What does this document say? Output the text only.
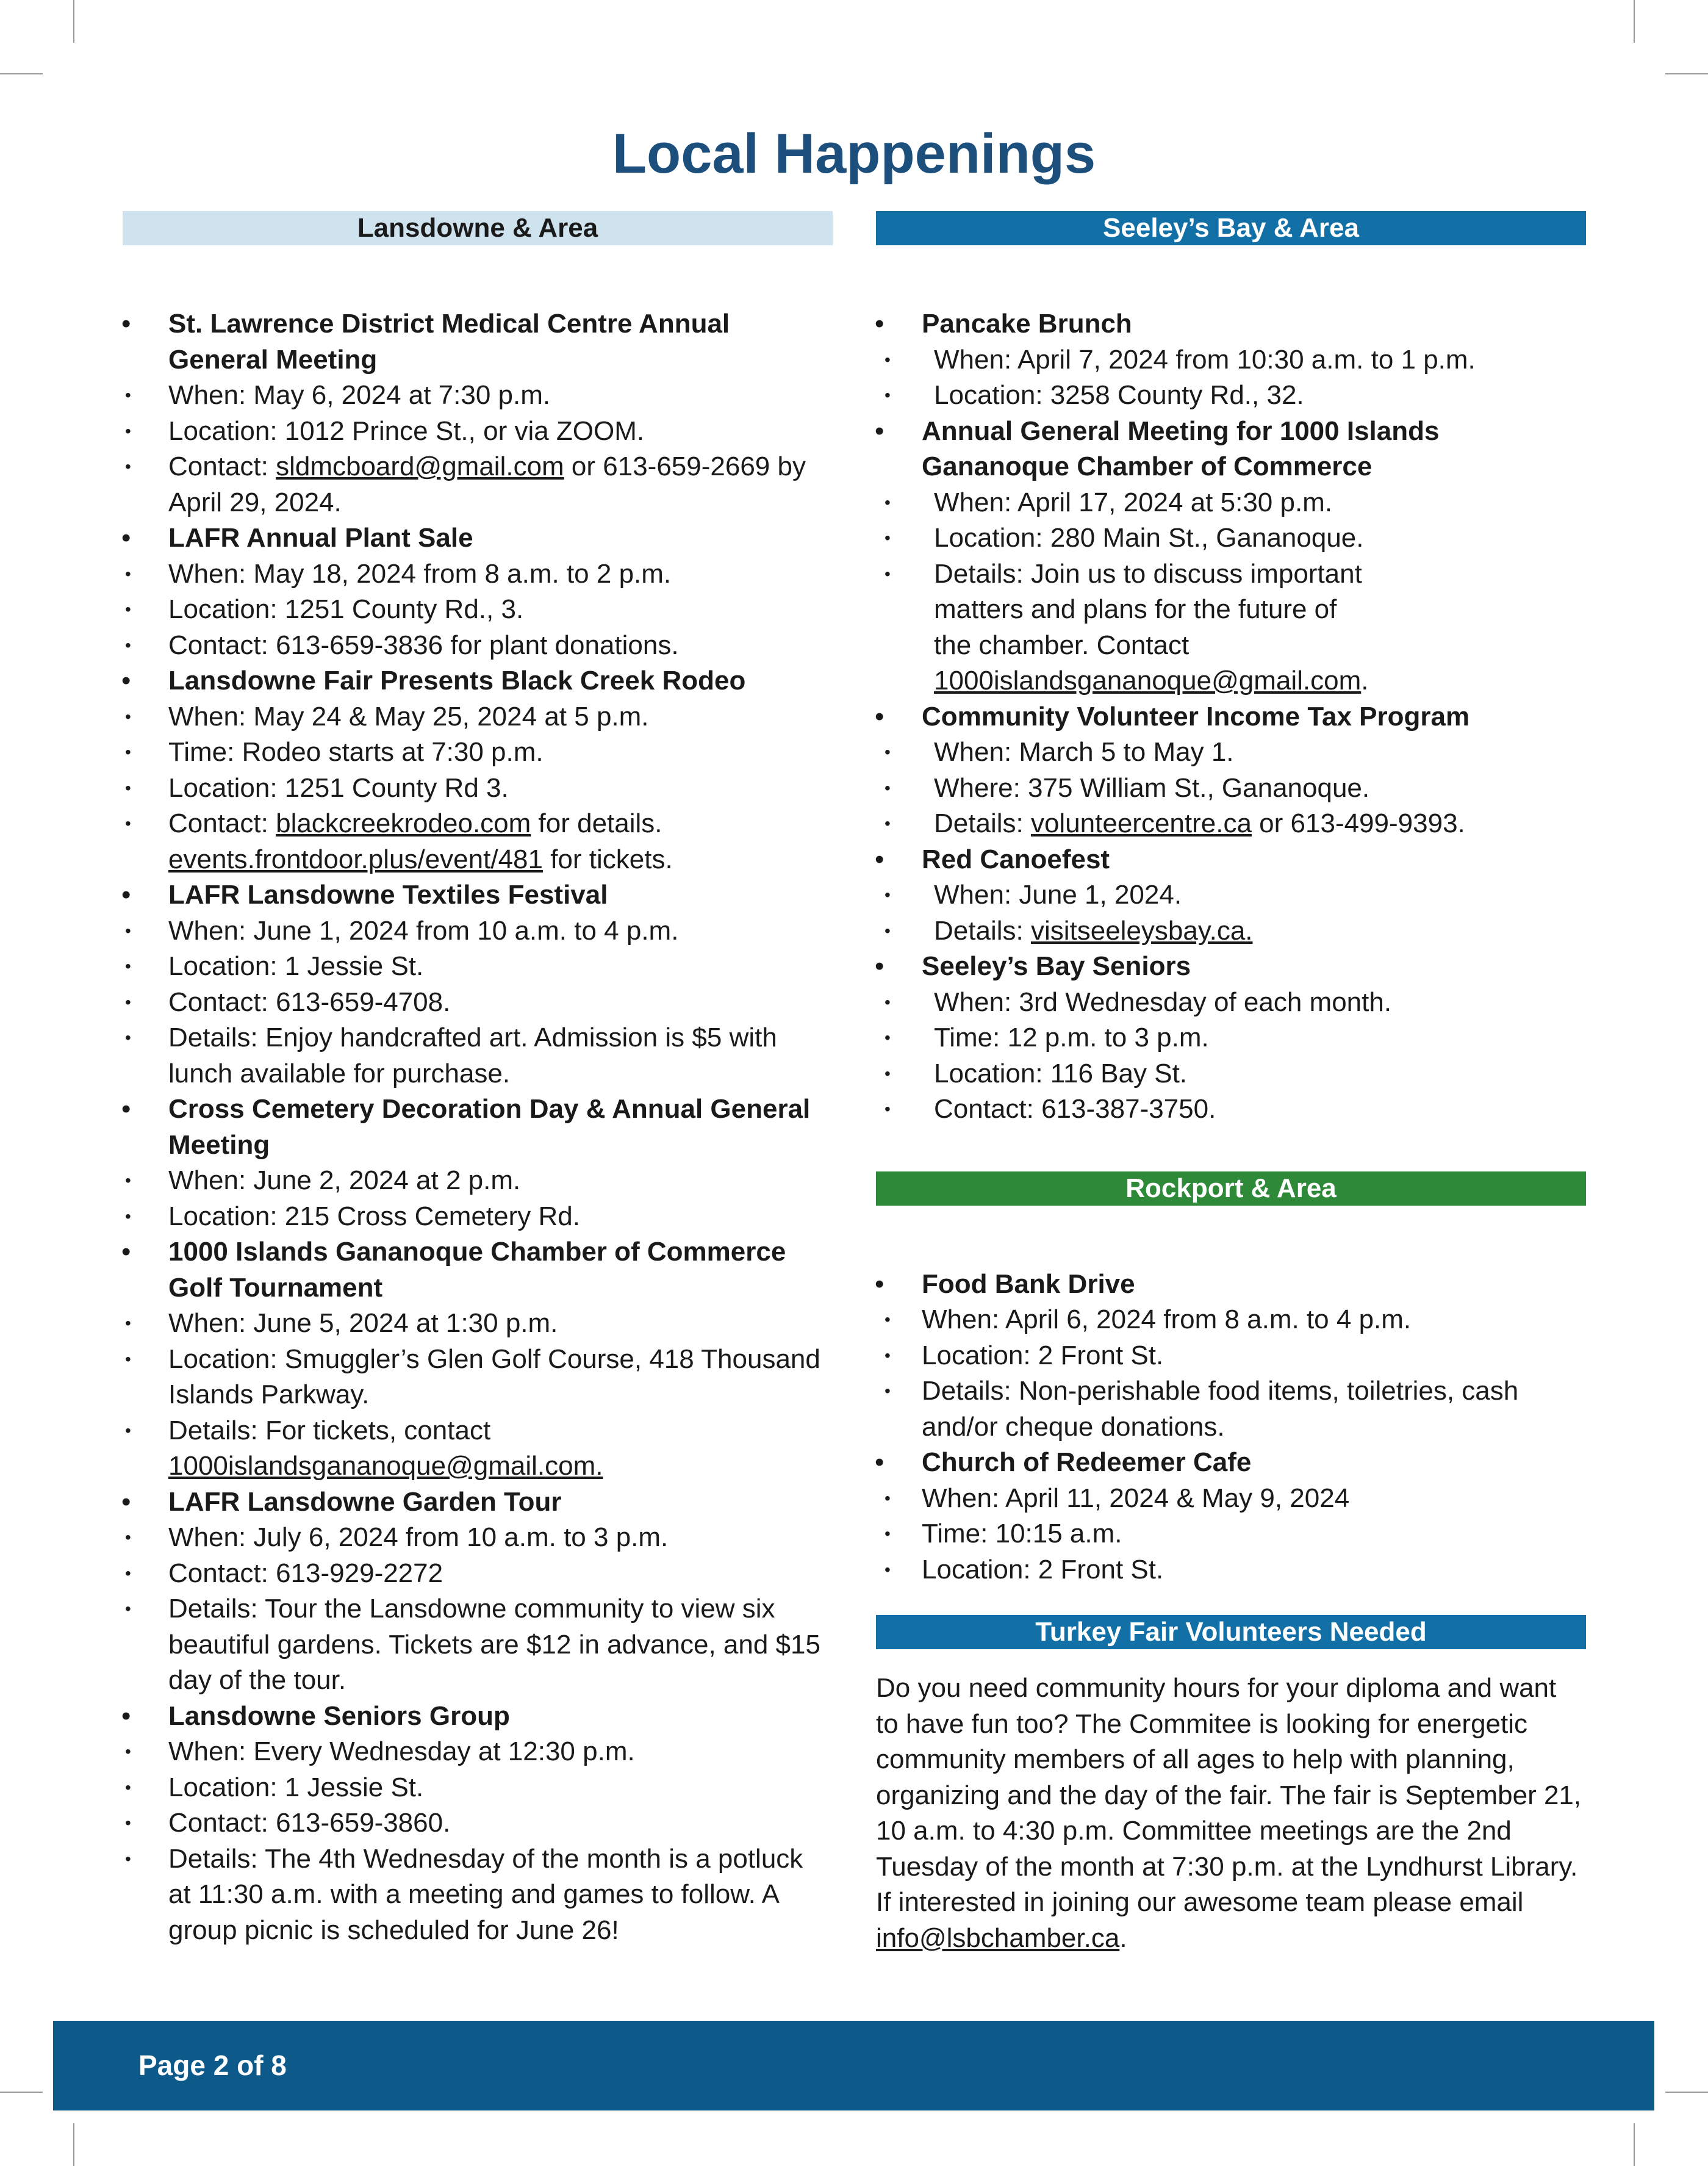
Local Happenings
Lansdowne & Area
• St. Lawrence District Medical Centre Annual General Meeting
• When: May 6, 2024 at 7:30 p.m.
• Location: 1012 Prince St., or via ZOOM.
• Contact: sldmcboard@gmail.com or 613-659-2669 by April 29, 2024.
• LAFR Annual Plant Sale
• When: May 18, 2024 from 8 a.m. to 2 p.m.
• Location: 1251 County Rd., 3.
• Contact: 613-659-3836 for plant donations.
• Lansdowne Fair Presents Black Creek Rodeo
• When: May 24 & May 25, 2024 at 5 p.m.
• Time: Rodeo starts at 7:30 p.m.
• Location: 1251 County Rd 3.
• Contact: blackcreekrodeo.com for details.
events.frontdoor.plus/event/481 for tickets.
• LAFR Lansdowne Textiles Festival
• When: June 1, 2024 from 10 a.m. to 4 p.m.
• Location: 1 Jessie St.
• Contact: 613-659-4708.
• Details: Enjoy handcrafted art. Admission is $5 with lunch available for purchase.
• Cross Cemetery Decoration Day & Annual General Meeting
• When: June 2, 2024 at 2 p.m.
• Location: 215 Cross Cemetery Rd.
• 1000 Islands Gananoque Chamber of Commerce Golf Tournament
• When: June 5, 2024 at 1:30 p.m.
• Location: Smuggler’s Glen Golf Course, 418 Thousand Islands Parkway.
• Details: For tickets, contact
1000islandsgananoque@gmail.com.
• LAFR Lansdowne Garden Tour
• When: July 6, 2024 from 10 a.m. to 3 p.m.
• Contact: 613-929-2272
• Details: Tour the Lansdowne community to view six beautiful gardens. Tickets are $12 in advance, and $15 day of the tour.
• Lansdowne Seniors Group
• When: Every Wednesday at 12:30 p.m.
• Location: 1 Jessie St.
• Contact: 613-659-3860.
• Details: The 4th Wednesday of the month is a potluck at 11:30 a.m. with a meeting and games to follow. A group picnic is scheduled for June 26!
Seeley’s Bay & Area
• Pancake Brunch
• When: April 7, 2024 from 10:30 a.m. to 1 p.m.
• Location: 3258 County Rd., 32.
• Annual General Meeting for 1000 Islands Gananoque Chamber of Commerce
• When: April 17, 2024 at 5:30 p.m.
• Location: 280 Main St., Gananoque.
• Details: Join us to discuss important matters and plans for the future of the chamber. Contact 1000islandsgananoque@gmail.com.
• Community Volunteer Income Tax Program
• When: March 5 to May 1.
• Where: 375 William St., Gananoque.
• Details: volunteercentre.ca or 613-499-9393.
• Red Canoefest
• When: June 1, 2024.
• Details: visitseeleysbay.ca.
• Seeley’s Bay Seniors
• When: 3rd Wednesday of each month.
• Time: 12 p.m. to 3 p.m.
• Location: 116 Bay St.
• Contact: 613-387-3750.
Rockport & Area
• Food Bank Drive
• When: April 6, 2024 from 8 a.m. to 4 p.m.
• Location: 2 Front St.
• Details: Non-perishable food items, toiletries, cash and/or cheque donations.
• Church of Redeemer Cafe
• When: April 11, 2024 & May 9, 2024
• Time: 10:15 a.m.
• Location: 2 Front St.
Turkey Fair Volunteers Needed

Do you need community hours for your diploma and want to have fun too? The Commitee is looking for energetic community members of all ages to help with planning, organizing and the day of the fair. The fair is September 21, 10 a.m. to 4:30 p.m. Committee meetings are the 2nd Tuesday of the month at 7:30 p.m. at the Lyndhurst Library. If interested in joining our awesome team please email info@lsbchamber.ca.

Page 2 of 8
